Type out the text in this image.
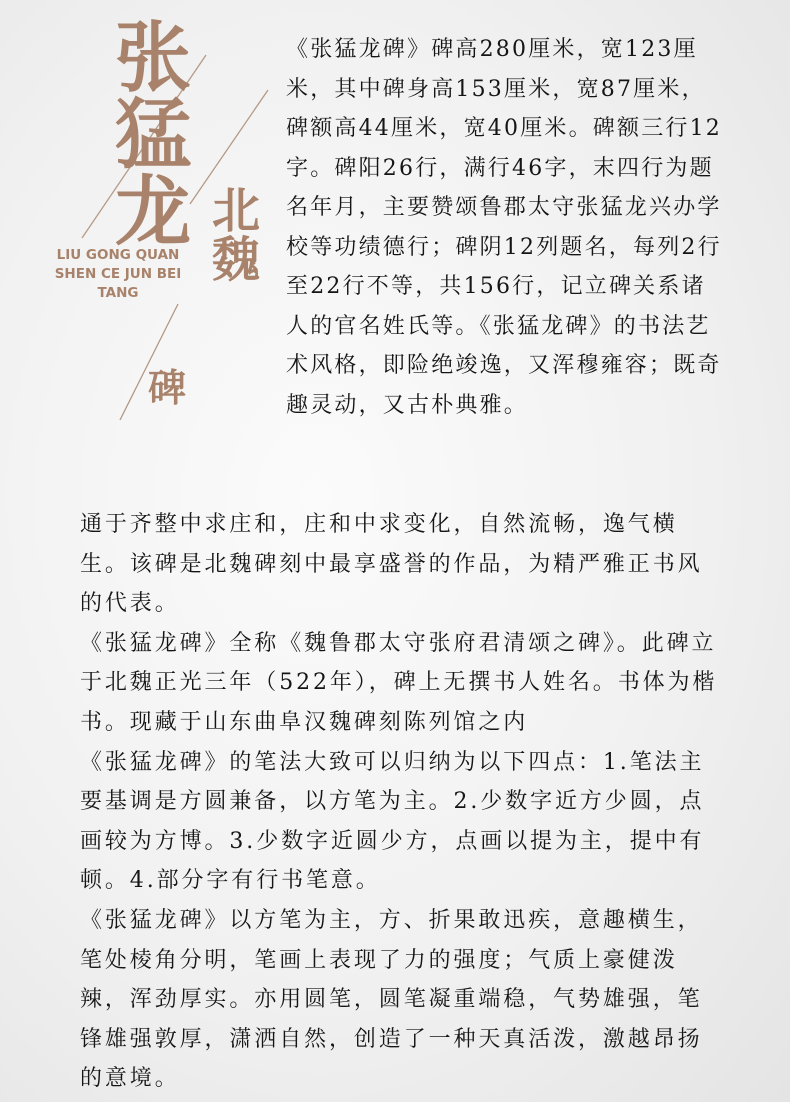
张
猛
龙 北
魏
LIU GONG QUAN
SHEN CE JUN BEI
TANG
碑

《张猛龙碑》碑高280厘米，宽123厘米，其中碑身高153厘米，宽87厘米，碑额高44厘米，宽40厘米。碑额三行12字。碑阳26行，满行46字，末四行为题名年月，主要赞颂鲁郡太守张猛龙兴办学校等功绩德行；碑阴12列题名，每列2行至22行不等，共156行，记立碑关系诸人的官名姓氏等。《张猛龙碑》的书法艺术风格，即险绝竣逸，又浑穆雍容；既奇趣灵动，又古朴典雅。

通于齐整中求庄和，庄和中求变化，自然流畅，逸气横生。该碑是北魏碑刻中最享盛誉的作品，为精严雅正书风的代表。

《张猛龙碑》全称《魏鲁郡太守张府君清颂之碑》。此碑立于北魏正光三年（522年），碑上无撰书人姓名。书体为楷书。现藏于山东曲阜汉魏碑刻陈列馆之内

《张猛龙碑》的笔法大致可以归纳为以下四点：1.笔法主要基调是方圆兼备，以方笔为主。2.少数字近方少圆，点画较为方博。3.少数字近圆少方，点画以提为主，提中有顿。4.部分字有行书笔意。

《张猛龙碑》以方笔为主，方、折果敢迅疾，意趣横生，笔处棱角分明，笔画上表现了力的强度；气质上豪健泼辣，浑劲厚实。亦用圆笔，圆笔凝重端稳，气势雄强，笔锋雄强敦厚，潇洒自然，创造了一种天真活泼，激越昂扬的意境。
